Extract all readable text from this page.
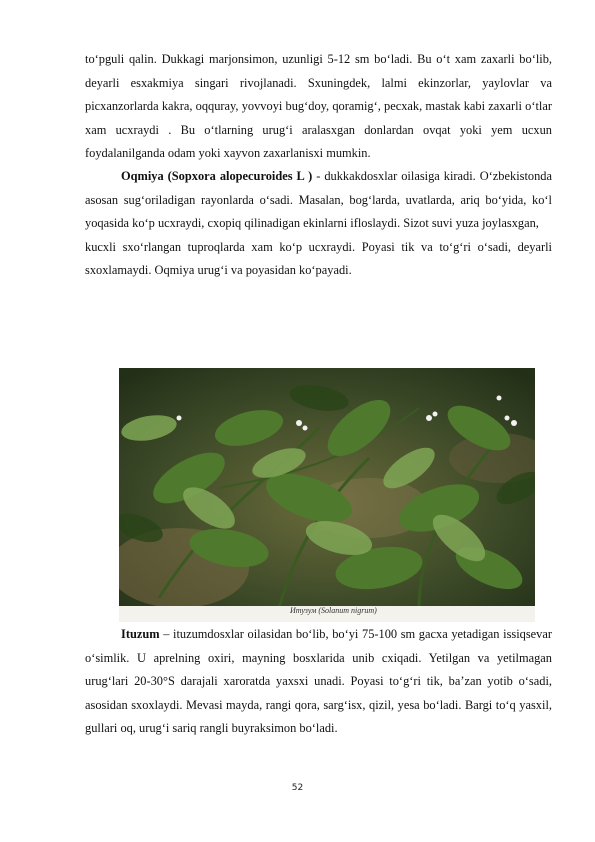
to‘pguli qalin. Dukkagi marjonsimon, uzunligi 5-12 sm bo‘ladi. Bu o‘t xam zaxarli bo‘lib, deyarli esxakmiya singari rivojlanadi. Sxuningdek, lalmi ekinzorlar, yaylovlar va picxanzorlarda kakra, oqquray, yovvoyi bug‘doy, qoramig‘, pecxak, mastak kabi zaxarli o‘tlar xam ucxraydi . Bu o‘tlarning urug‘i aralasxgan donlardan ovqat yoki yem ucxun foydalanilganda odam yoki xayvon zaxarlanisxi mumkin.

Oqmiya (Sopxora alopecuroides L ) - dukkakdosxlar oilasiga kiradi. O‘zbekistonda asosan sug‘oriladigan rayonlarda o‘sadi. Masalan, bog‘larda, uvatlarda, ariq bo‘yida, ko‘l yoqasida ko‘p ucxraydi, cxopiq qilinadigan ekinlarni ifloslaydi. Sizot suvi yuza joylasxgan,

kucxli sxo‘rlangan tuproqlarda xam ko‘p ucxraydi. Poyasi tik va to‘g‘ri o‘sadi, deyarli sxoxlamaydi. Oqmiya urug‘i va poyasidan ko‘payadi.

Итузум (Solanum nigrum)

Ituzum – ituzumdosxlar oilasidan bo‘lib, bo‘yi 75-100 sm gacxa yetadigan issiqsevar o‘simlik. U aprelning oxiri, mayning bosxlarida unib cxiqadi. Yetilgan va yetilmagan urug‘lari 20-30°S darajali xaroratda yaxsxi unadi. Poyasi to‘g‘ri tik, ba’zan yotib o‘sadi, asosidan sxoxlaydi. Mevasi mayda, rangi qora, sarg‘isx, qizil, yesa bo‘ladi. Bargi to‘q yasxil, gullari oq, urug‘i sariq rangli buyraksimon bo‘ladi.

52
